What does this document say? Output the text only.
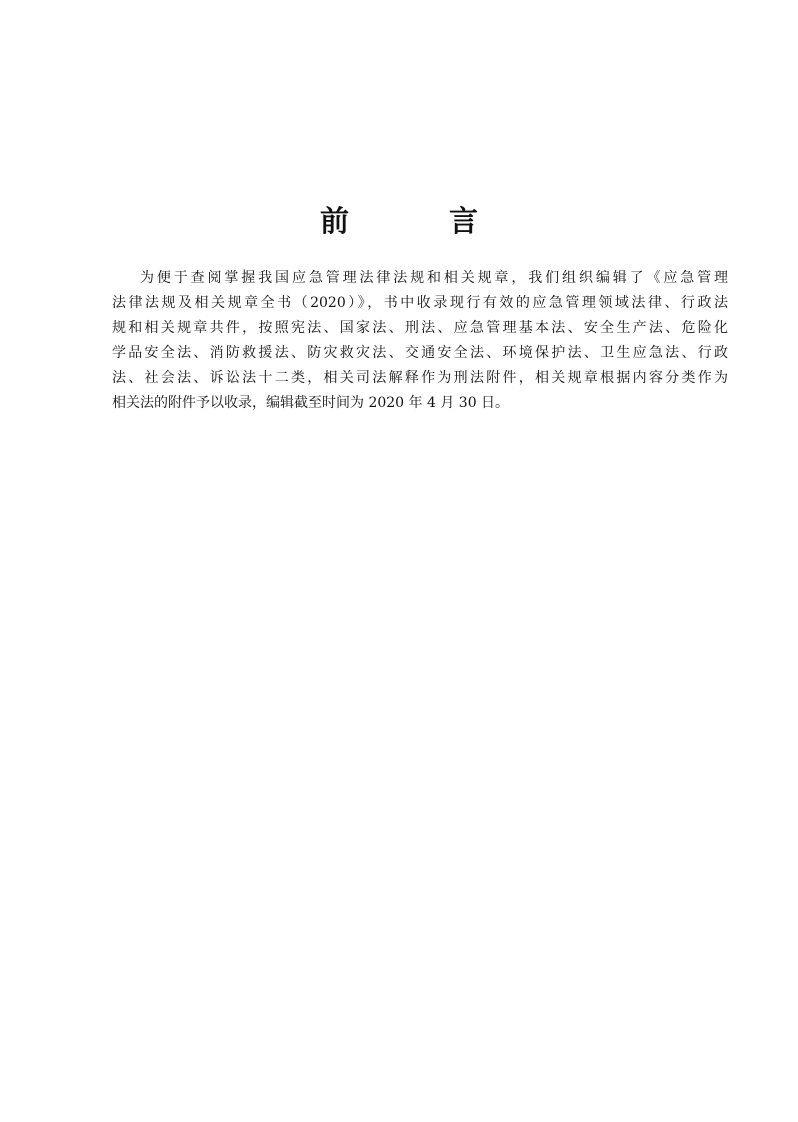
前	言
为便于查阅掌握我国应急管理法律法规和相关规章，我们组织编辑了《应急管理
法律法规及相关规章全书（2020）》，书中收录现行有效的应急管理领域法律、行政法
规和相关规章共件，按照宪法、国家法、刑法、应急管理基本法、安全生产法、危险化
学品安全法、消防救援法、防灾救灾法、交通安全法、环境保护法、卫生应急法、行政
法、社会法、诉讼法十二类，相关司法解释作为刑法附件，相关规章根据内容分类作为
相关法的附件予以收录，编辑截至时间为 2020 年 4 月 30 日。
